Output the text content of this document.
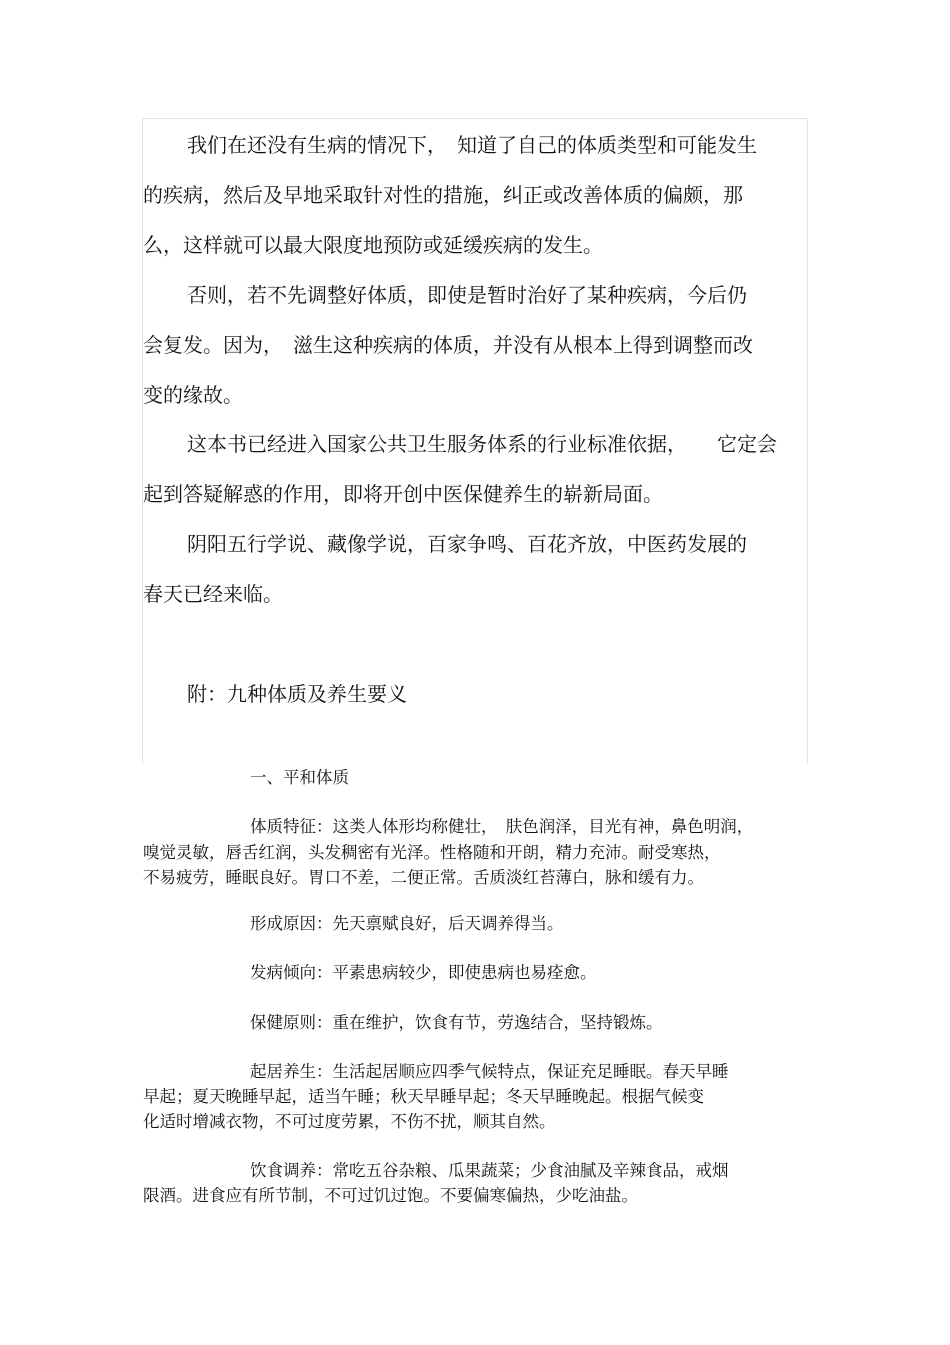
我们在还没有生病的情况下，　知道了自己的体质类型和可能发生

的疾病，然后及早地采取针对性的措施，纠正或改善体质的偏颇，那

么，这样就可以最大限度地预防或延缓疾病的发生。

否则，若不先调整好体质，即使是暂时治好了某种疾病，今后仍

会复发。因为，　滋生这种疾病的体质，并没有从根本上得到调整而改

变的缘故。

这本书已经进入国家公共卫生服务体系的行业标准依据，　　它定会

起到答疑解惑的作用，即将开创中医保健养生的崭新局面。

阴阳五行学说、藏像学说，百家争鸣、百花齐放，中医药发展的

春天已经来临。

附：九种体质及养生要义

一、平和体质

体质特征：这类人体形均称健壮，　肤色润泽，目光有神，鼻色明润，

嗅觉灵敏，唇舌红润，头发稠密有光泽。性格随和开朗，精力充沛。耐受寒热，

不易疲劳，睡眠良好。胃口不差，二便正常。舌质淡红苔薄白，脉和缓有力。

形成原因：先天禀赋良好，后天调养得当。

发病倾向：平素患病较少，即使患病也易痊愈。

保健原则：重在维护，饮食有节，劳逸结合，坚持锻炼。

起居养生：生活起居顺应四季气候特点，保证充足睡眠。春天早睡

早起；夏天晚睡早起，适当午睡；秋天早睡早起；冬天早睡晚起。根据气候变

化适时增减衣物，不可过度劳累，不伤不扰，顺其自然。

饮食调养：常吃五谷杂粮、瓜果蔬菜；少食油腻及辛辣食品，戒烟

限酒。进食应有所节制，不可过饥过饱。不要偏寒偏热，少吃油盐。
